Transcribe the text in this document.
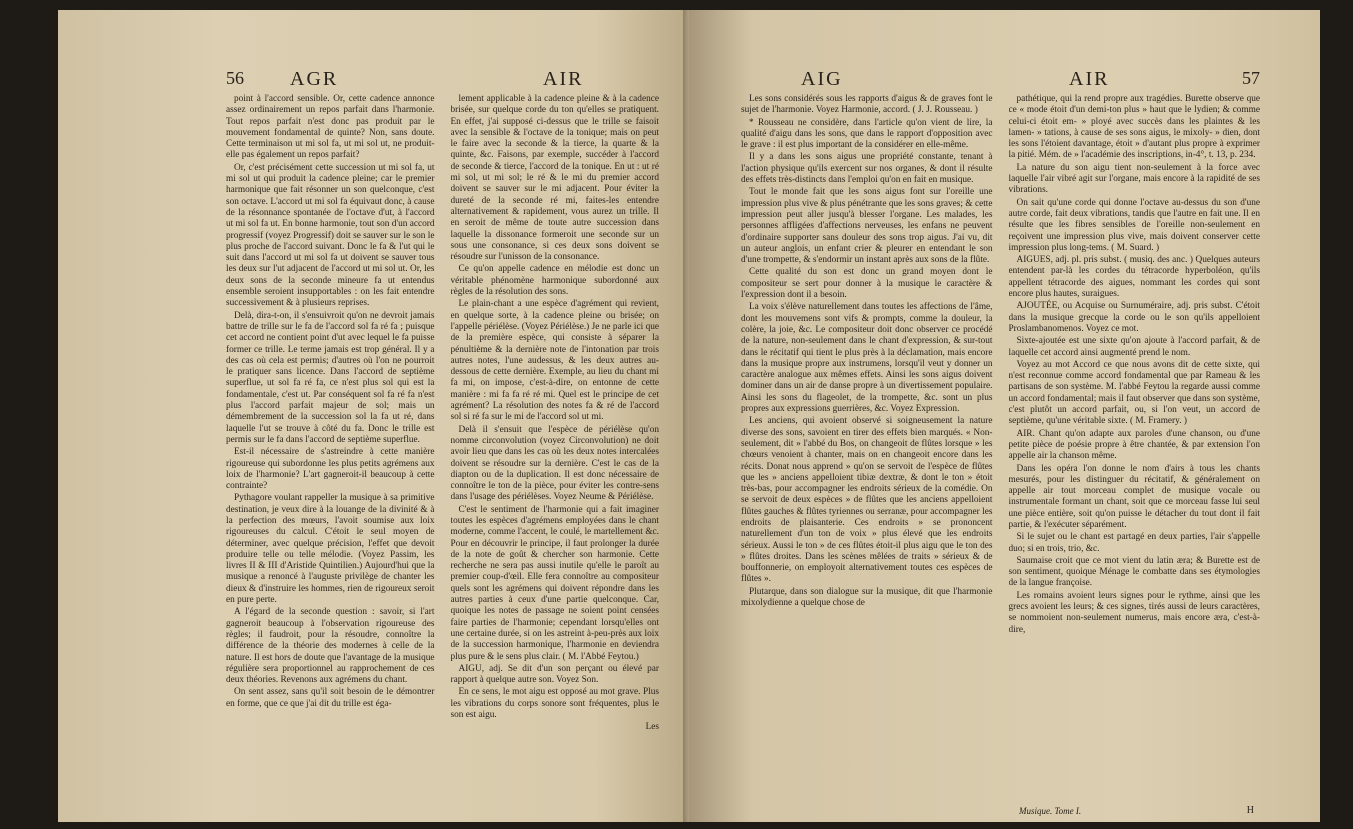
56 AGR	AIR

point à l'accord sensible. Or, cette cadence annonce assez ordinairement un repos parfait dans l'harmonie. Tout repos parfait n'est donc pas produit par le mouvement fondamental de quinte? Non, sans doute. Cette terminaison ut mi sol fa, ut mi sol ut, ne produit-elle pas également un repos parfait?

Or, c'est précisément cette succession ut mi sol fa, ut mi sol ut qui produit la cadence pleine; car le premier harmonique que fait résonner un son quelconque, c'est son octave. L'accord ut mi sol fa équivaut donc, à cause de la résonnance spontanée de l'octave d'ut, à l'accord ut mi sol fa ut. En bonne harmonie, tout son d'un accord progressif (voyez Progressif) doit se sauver sur le son le plus proche de l'accord suivant. Donc le fa & l'ut qui le suit dans l'accord ut mi sol fa ut doivent se sauver tous les deux sur l'ut adjacent de l'accord ut mi sol ut. Or, les deux sons de la seconde mineure fa ut entendus ensemble seroient insupportables : on les fait entendre successivement & à plusieurs reprises.

Delà, dira-t-on, il s'ensuivroit qu'on ne devroit jamais battre de trille sur le fa de l'accord sol fa ré fa ; puisque cet accord ne contient point d'ut avec lequel le fa puisse former ce trille. Le terme jamais est trop général. Il y a des cas où cela est permis; d'autres où l'on ne pourroit le pratiquer sans licence. Dans l'accord de septième superflue, ut sol fa ré fa, ce n'est plus sol qui est la fondamentale, c'est ut. Par conséquent sol fa ré fa n'est plus l'accord parfait majeur de sol; mais un démembrement de la succession sol la fa ut ré, dans laquelle l'ut se trouve à côté du fa. Donc le trille est permis sur le fa dans l'accord de septième superflue.

Est-il nécessaire de s'astreindre à cette manière rigoureuse qui subordonne les plus petits agrémens aux loix de l'harmonie? L'art gagneroit-il beaucoup à cette contrainte?

Pythagore voulant rappeller la musique à sa primitive destination, je veux dire à la louange de la divinité & à la perfection des mœurs, l'avoit soumise aux loix rigoureuses du calcul. C'étoit le seul moyen de déterminer, avec quelque précision, l'effet que devoit produire telle ou telle mélodie. (Voyez Passim, les livres II & III d'Aristide Quintilien.) Aujourd'hui que la musique a renoncé à l'auguste privilège de chanter les dieux & d'instruire les hommes, rien de rigoureux seroit en pure perte.

A l'égard de la seconde question : savoir, si l'art gagneroit beaucoup à l'observation rigoureuse des règles; il faudroit, pour la résoudre, connoître la différence de la théorie des modernes à celle de la nature. Il est hors de doute que l'avantage de la musique régulière sera proportionnel au rapprochement de ces deux théories. Revenons aux agrémens du chant.

On sent assez, sans qu'il soit besoin de le démontrer en forme, que ce que j'ai dit du trille est éga-

lement applicable à la cadence pleine & à la cadence brisée, sur quelque corde du ton qu'elles se pratiquent. En effet, j'ai supposé ci-dessus que le trille se faisoit avec la sensible & l'octave de la tonique; mais on peut le faire avec la seconde & la tierce, la quarte & la quinte, &c. Faisons, par exemple, succéder à l'accord de seconde & tierce, l'accord de la tonique. En ut : ut ré mi sol, ut mi sol; le ré & le mi du premier accord doivent se sauver sur le mi adjacent. Pour éviter la dureté de la seconde ré mi, faites-les entendre alternativement & rapidement, vous aurez un trille. Il en seroit de même de toute autre succession dans laquelle la dissonance formeroit une seconde sur un sous une consonance, si ces deux sons doivent se résoudre sur l'unisson de la consonance.

Ce qu'on appelle cadence en mélodie est donc un véritable phénomène harmonique subordonné aux règles de la résolution des sons.

Le plain-chant a une espèce d'agrément qui revient, en quelque sorte, à la cadence pleine ou brisée; on l'appelle périélèse. (Voyez Périélèse.) Je ne parle ici que de la première espèce, qui consiste à séparer la pénultième & la dernière note de l'intonation par trois autres notes, l'une audessus, & les deux autres au-dessous de cette dernière. Exemple, au lieu du chant mi fa mi, on impose, c'est-à-dire, on entonne de cette manière : mi fa fa ré ré mi. Quel est le principe de cet agrément? La résolution des notes fa & ré de l'accord sol si ré fa sur le mi de l'accord sol ut mi.

Delà il s'ensuit que l'espèce de périélèse qu'on nomme circonvolution (voyez Circonvolution) ne doit avoir lieu que dans les cas où les deux notes intercalées doivent se résoudre sur la dernière. C'est le cas de la diapton ou de la duplication. Il est donc nécessaire de connoître le ton de la pièce, pour éviter les contre-sens dans l'usage des périélèses. Voyez Neume & Périélèse.

C'est le sentiment de l'harmonie qui a fait imaginer toutes les espèces d'agrémens employées dans le chant moderne, comme l'accent, le coulé, le martellement &c. Pour en découvrir le principe, il faut prolonger la durée de la note de goût & chercher son harmonie. Cette recherche ne sera pas aussi inutile qu'elle le paroît au premier coup-d'œil. Elle fera connoître au compositeur quels sont les agrémens qui doivent répondre dans les autres parties à ceux d'une partie quelconque. Car, quoique les notes de passage ne soient point censées faire parties de l'harmonie; cependant lorsqu'elles ont une certaine durée, si on les astreint à-peu-près aux loix de la succession harmonique, l'harmonie en deviendra plus pure & le sens plus clair. ( M. l'Abbé Feytou.)

AIGU, adj. Se dit d'un son perçant ou élevé par rapport à quelque autre son. Voyez Son.

En ce sens, le mot aigu est opposé au mot grave. Plus les vibrations du corps sonore sont fréquentes, plus le son est aigu.

Les

AIG	AIR	57

Les sons considérés sous les rapports d'aigus & de graves font le sujet de l'harmonie. Voyez Harmonie, accord. ( J. J. Rousseau. )

* Rousseau ne considère, dans l'article qu'on vient de lire, la qualité d'aigu dans les sons, que dans le rapport d'opposition avec le grave : il est plus important de la considérer en elle-même.

Il y a dans les sons aigus une propriété constante, tenant à l'action physique qu'ils exercent sur nos organes, & dont il résulte des effets très-distincts dans l'emploi qu'on en fait en musique.

Tout le monde fait que les sons aigus font sur l'oreille une impression plus vive & plus pénétrante que les sons graves; & cette impression peut aller jusqu'à blesser l'organe. Les malades, les personnes affligées d'affections nerveuses, les enfans ne peuvent d'ordinaire supporter sans douleur des sons trop aigus. J'ai vu, dit un auteur anglois, un enfant crier & pleurer en entendant le son d'une trompette, & s'endormir un instant après aux sons de la flûte.

Cette qualité du son est donc un grand moyen dont le compositeur se sert pour donner à la musique le caractère & l'expression dont il a besoin.

La voix s'élève naturellement dans toutes les affections de l'âme, dont les mouvemens sont vifs & prompts, comme la douleur, la colère, la joie, &c. Le compositeur doit donc observer ce procédé de la nature, non-seulement dans le chant d'expression, & sur-tout dans le récitatif qui tient le plus près à la déclamation, mais encore dans la musique propre aux instrumens, lorsqu'il veut y donner un caractère analogue aux mêmes effets. Ainsi les sons aigus doivent dominer dans un air de danse propre à un divertissement populaire. Ainsi les sons du flageolet, de la trompette, &c. sont un plus propres aux expressions guerrières, &c. Voyez Expression.

Les anciens, qui avoient observé si soigneusement la nature diverse des sons, savoient en tirer des effets bien marqués. « Non-seulement, dit » l'abbé du Bos, on changeoit de flûtes lorsque » les chœurs venoient à chanter, mais on en changeoit encore dans les récits. Donat nous apprend » qu'on se servoit de l'espèce de flûtes que les » anciens appelloient tibiæ dextræ, & dont le ton » étoit très-bas, pour accompagner les endroits sérieux de la comédie. On se servoit de deux espèces » de flûtes que les anciens appelloient flûtes gauches & flûtes tyriennes ou serranæ, pour accompagner les endroits de plaisanterie. Ces endroits » se prononcent naturellement d'un ton de voix » plus élevé que les endroits sérieux. Aussi le ton » de ces flûtes étoit-il plus aigu que le ton des » flûtes droites. Dans les scènes mêlées de traits » sérieux & de bouffonnerie, on employoit alternativement toutes ces espèces de flûtes ».

Plutarque, dans son dialogue sur la musique, dit que l'harmonie mixolydienne a quelque chose de

pathétique, qui la rend propre aux tragédies. Burette observe que ce « mode étoit d'un demi-ton plus » haut que le lydien; & comme celui-ci étoit em- » ployé avec succès dans les plaintes & les lamen- » tations, à cause de ses sons aigus, le mixoly- » dien, dont les sons l'étoient davantage, étoit » d'autant plus propre à exprimer la pitié. Mém. de » l'académie des inscriptions, in-4°, t. 13, p. 234.

La nature du son aigu tient non-seulement à la force avec laquelle l'air vibré agit sur l'organe, mais encore à la rapidité de ses vibrations.

On sait qu'une corde qui donne l'octave au-dessus du son d'une autre corde, fait deux vibrations, tandis que l'autre en fait une. Il en résulte que les fibres sensibles de l'oreille non-seulement en reçoivent une impression plus vive, mais doivent conserver cette impression plus long-tems. ( M. Suard. )

AIGUES, adj. pl. pris subst. ( musiq. des anc. ) Quelques auteurs entendent par-là les cordes du tétracorde hyperboléon, qu'ils appellent tétracorde des aigues, nommant les cordes qui sont encore plus hautes, suraigues.

AJOUTÉE, ou Acquise ou Surnuméraire, adj. pris subst. C'étoit dans la musique grecque la corde ou le son qu'ils appelloient Proslambanomenos. Voyez ce mot.

Sixte-ajoutée est une sixte qu'on ajoute à l'accord parfait, & de laquelle cet accord ainsi augmenté prend le nom.

Voyez au mot Accord ce que nous avons dit de cette sixte, qui n'est reconnue comme accord fondamental que par Rameau & les partisans de son système. M. l'abbé Feytou la regarde aussi comme un accord fondamental; mais il faut observer que dans son système, c'est plutôt un accord parfait, ou, si l'on veut, un accord de septième, qu'une véritable sixte. ( M. Framery. )

AIR. Chant qu'on adapte aux paroles d'une chanson, ou d'une petite pièce de poésie propre à être chantée, & par extension l'on appelle air la chanson même.

Dans les opéra l'on donne le nom d'airs à tous les chants mesurés, pour les distinguer du récitatif, & généralement on appelle air tout morceau complet de musique vocale ou instrumentale formant un chant, soit que ce morceau fasse lui seul une pièce entière, soit qu'on puisse le détacher du tout dont il fait partie, & l'exécuter séparément.

Si le sujet ou le chant est partagé en deux parties, l'air s'appelle duo; si en trois, trio, &c.

Saumaise croit que ce mot vient du latin æra; & Burette est de son sentiment, quoique Ménage le combatte dans ses étymologies de la langue françoise.

Les romains avoient leurs signes pour le rythme, ainsi que les grecs avoient les leurs; & ces signes, tirés aussi de leurs caractères, se nommoient non-seulement numerus, mais encore æra, c'est-à-dire,

Musique. Tome I.	H
